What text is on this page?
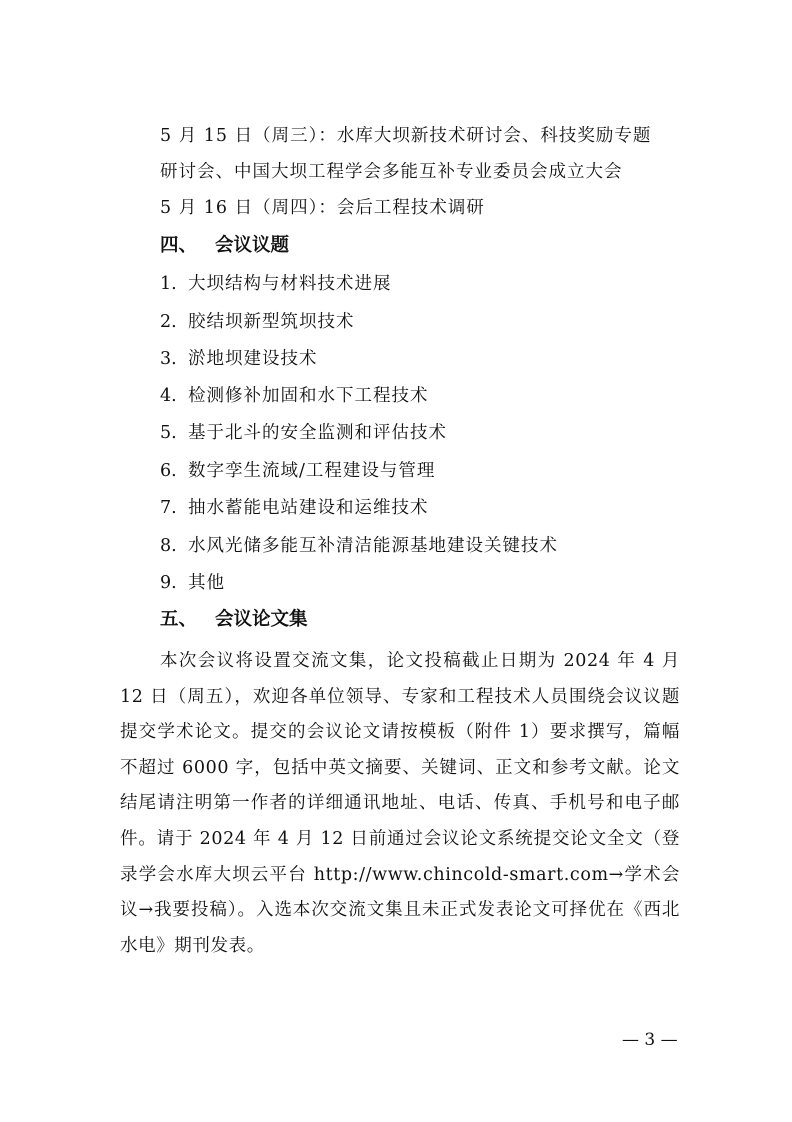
5 月 15 日（周三）：水库大坝新技术研讨会、科技奖励专题
研讨会、中国大坝工程学会多能互补专业委员会成立大会
5 月 16 日（周四）：会后工程技术调研
四、 会议议题
1. 大坝结构与材料技术进展
2. 胶结坝新型筑坝技术
3. 淤地坝建设技术
4. 检测修补加固和水下工程技术
5. 基于北斗的安全监测和评估技术
6. 数字孪生流域/工程建设与管理
7. 抽水蓄能电站建设和运维技术
8. 水风光储多能互补清洁能源基地建设关键技术
9. 其他
五、 会议论文集
本次会议将设置交流文集，论文投稿截止日期为 2024 年 4 月 12 日（周五），欢迎各单位领导、专家和工程技术人员围绕会议议题提交学术论文。提交的会议论文请按模板（附件 1）要求撰写，篇幅不超过 6000 字，包括中英文摘要、关键词、正文和参考文献。论文结尾请注明第一作者的详细通讯地址、电话、传真、手机号和电子邮件。请于 2024 年 4 月 12 日前通过会议论文系统提交论文全文（登录学会水库大坝云平台 http://www.chincold-smart.com→学术会议→我要投稿）。入选本次交流文集且未正式发表论文可择优在《西北水电》期刊发表。
— 3 —
